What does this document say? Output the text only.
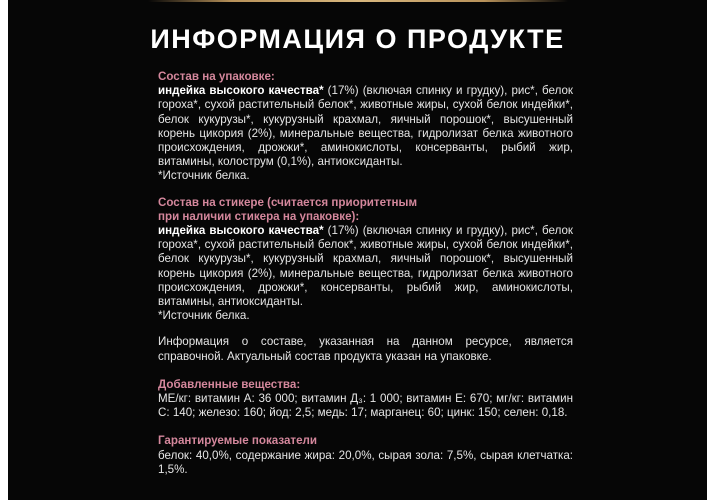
ИНФОРМАЦИЯ О ПРОДУКТЕ
Состав на упаковке:
индейка высокого качества* (17%) (включая спинку и грудку), рис*, белок гороха*, сухой растительный белок*, животные жиры, сухой белок индейки*, белок кукурузы*, кукурузный крахмал, яичный порошок*, высушенный корень цикория (2%), минеральные вещества, гидролизат белка животного происхождения, дрожжи*, аминокислоты, консерванты, рыбий жир, витамины, колострум (0,1%), антиоксиданты.
*Источник белка.
Состав на стикере (считается приоритетным
при наличии стикера на упаковке):
индейка высокого качества* (17%) (включая спинку и грудку), рис*, белок гороха*, сухой растительный белок*, животные жиры, сухой белок индейки*, белок кукурузы*, кукурузный крахмал, яичный порошок*, высушенный корень цикория (2%), минеральные вещества, гидролизат белка животного происхождения, дрожжи*, консерванты, рыбий жир, аминокислоты, витамины, антиоксиданты.
*Источник белка.
Информация о составе, указанная на данном ресурсе, является справочной. Актуальный состав продукта указан на упаковке.
Добавленные вещества:
МЕ/кг: витамин А: 36 000; витамин Д₃: 1 000; витамин Е: 670; мг/кг: витамин С: 140; железо: 160; йод: 2,5; медь: 17; марганец: 60; цинк: 150; селен: 0,18.
Гарантируемые показатели
белок: 40,0%, содержание жира: 20,0%, сырая зола: 7,5%, сырая клетчатка: 1,5%.
